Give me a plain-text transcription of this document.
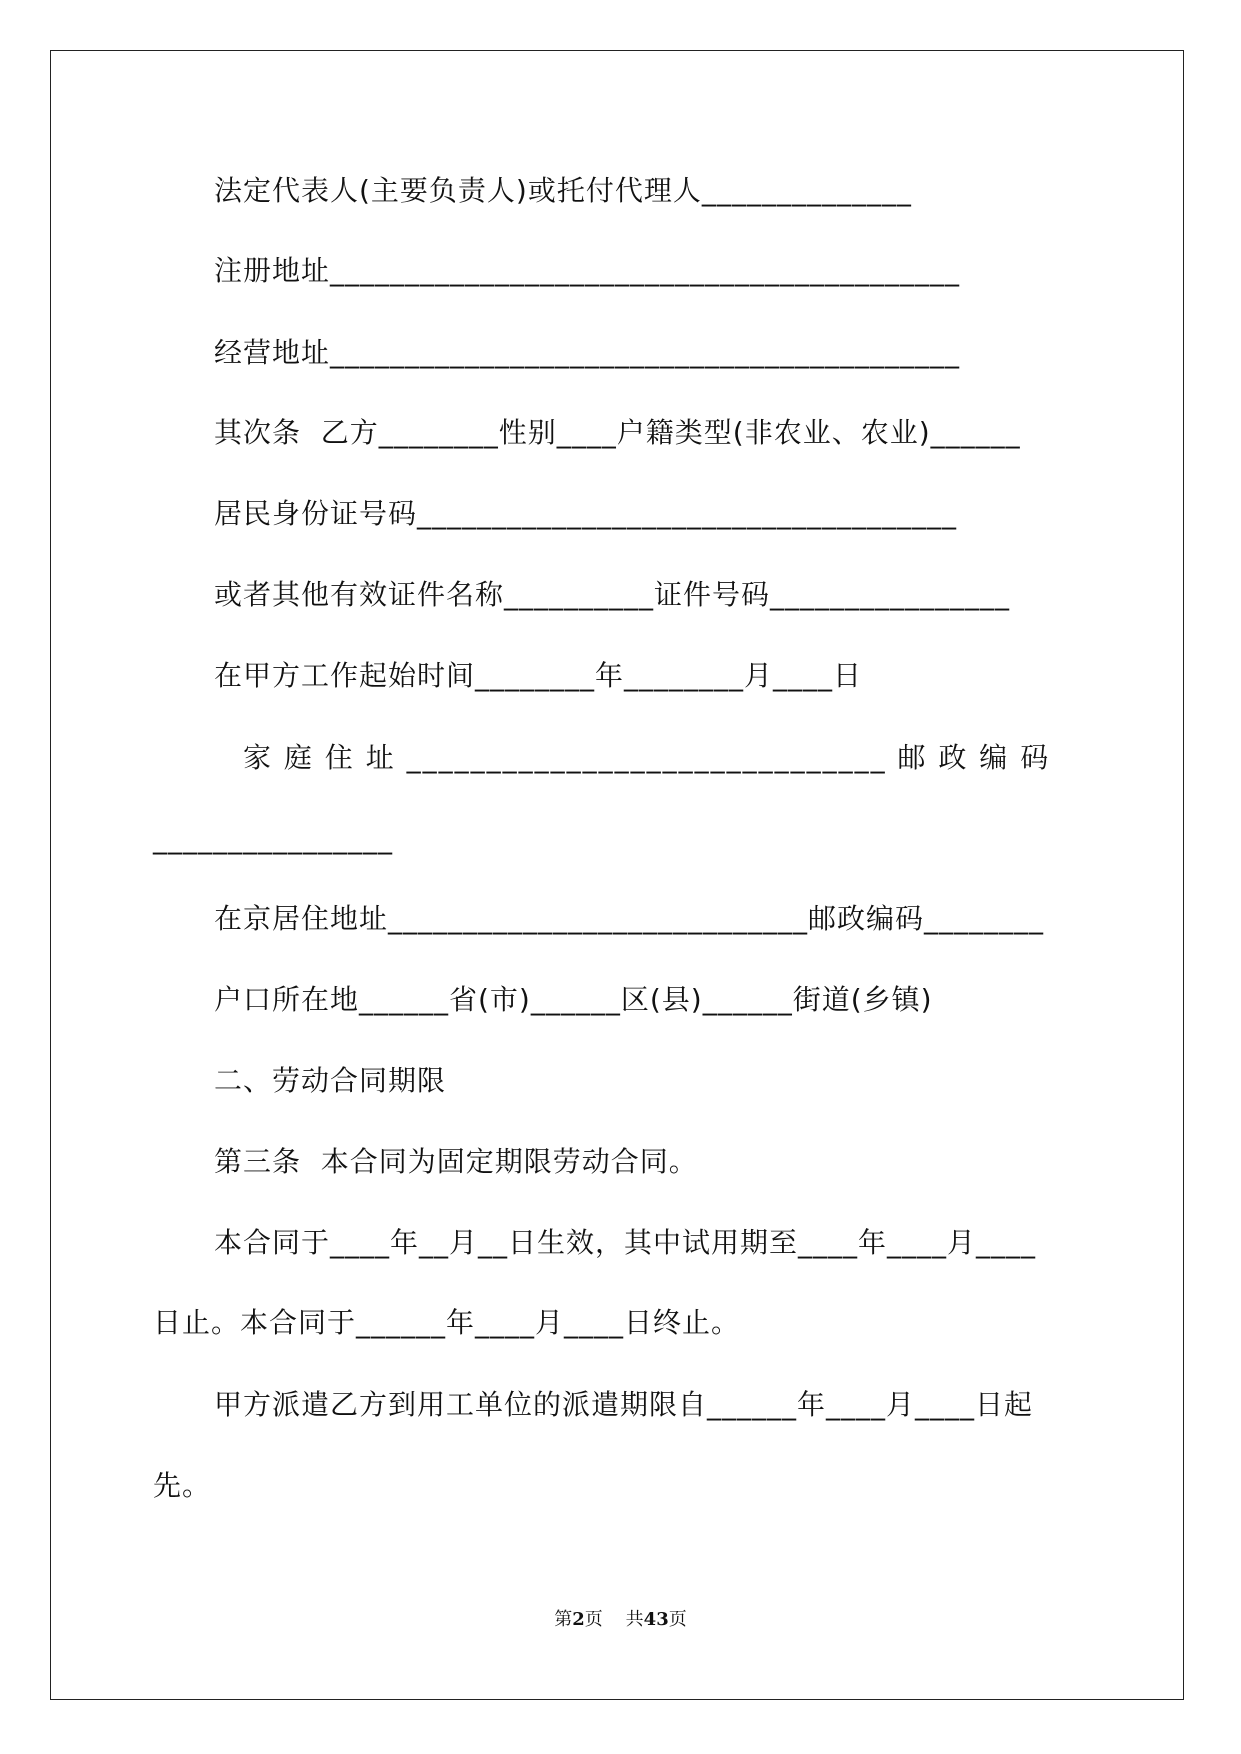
法定代表人(主要负责人)或托付代理人______________
注册地址__________________________________________
经营地址__________________________________________
其次条  乙方________性别____户籍类型(非农业、农业)______
居民身份证号码____________________________________
或者其他有效证件名称__________证件号码________________
在甲方工作起始时间________年________月____日
家 庭 住 址 ______________________________ 邮 政 编 码
________________
在京居住地址____________________________邮政编码________
户口所在地______省(市)______区(县)______街道(乡镇)
二、劳动合同期限
第三条  本合同为固定期限劳动合同。
本合同于____年__月__日生效，其中试用期至____年____月____
日止。本合同于______年____月____日终止。
甲方派遣乙方到用工单位的派遣期限自______年____月____日起
先。
第2页    共43页
